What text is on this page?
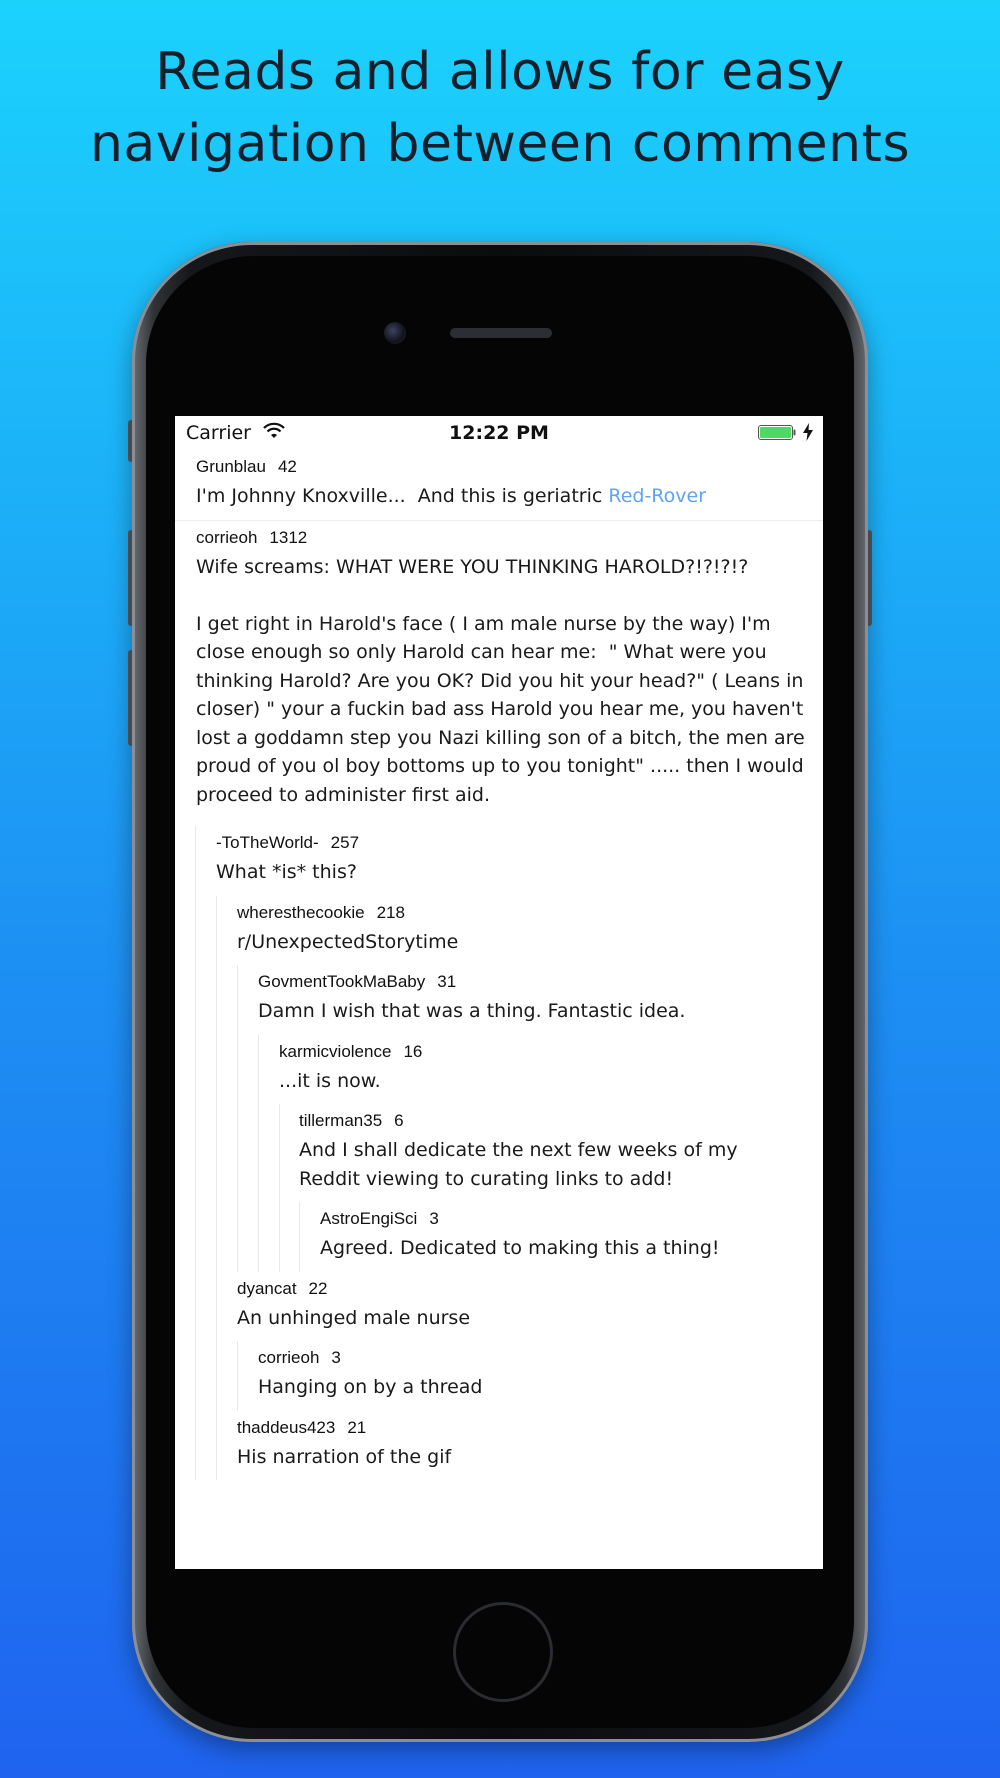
Reads and allows for easy
navigation between comments
Carrier	12:22 PM
Grunblau 42
I'm Johnny Knoxville...  And this is geriatric Red-Rover
corrieoh 1312
Wife screams: WHAT WERE YOU THINKING HAROLD?!?!?!?

I get right in Harold's face ( I am male nurse by the way) I'm close enough so only Harold can hear me:  " What were you thinking Harold? Are you OK? Did you hit your head?" ( Leans in closer) " your a fuckin bad ass Harold you hear me, you haven't lost a goddamn step you Nazi killing son of a bitch, the men are proud of you ol boy bottoms up to you tonight" ..... then I would proceed to administer first aid.
-ToTheWorld- 257
What *is* this?
wheresthecookie 218
r/UnexpectedStorytime
GovmentTookMaBaby 31
Damn I wish that was a thing. Fantastic idea.
karmicviolence 16
...it is now.
tillerman35 6
And I shall dedicate the next few weeks of my Reddit viewing to curating links to add!
AstroEngiSci 3
Agreed. Dedicated to making this a thing!
dyancat 22
An unhinged male nurse
corrieoh 3
Hanging on by a thread
thaddeus423 21
His narration of the gif
